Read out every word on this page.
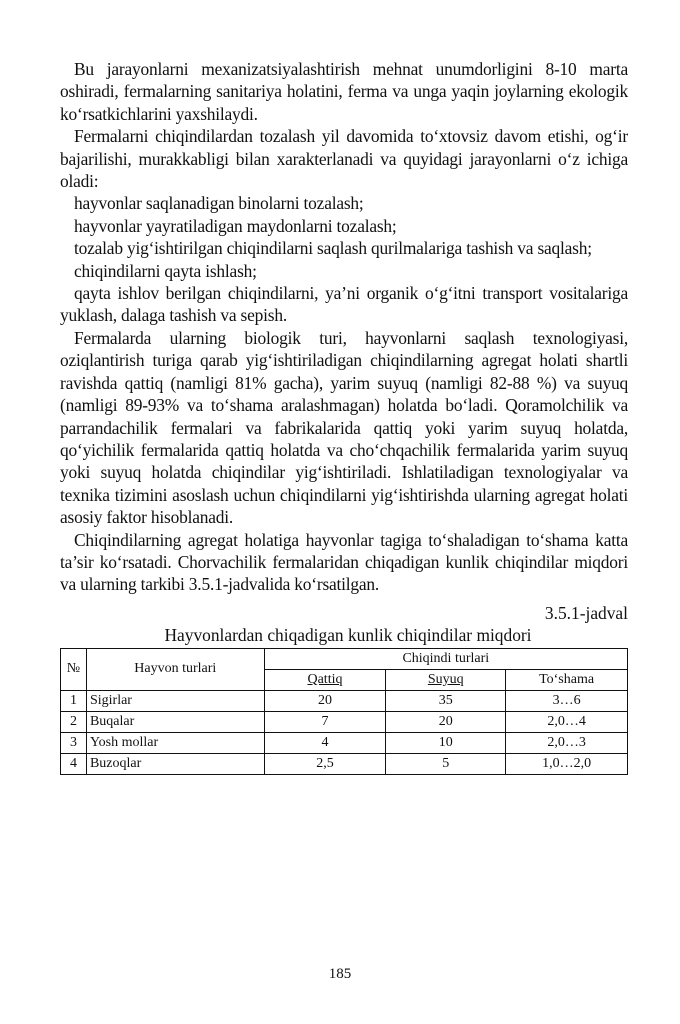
Bu jarayonlarni mexanizatsiyalashtirish mehnat unumdorligini 8-10 marta oshiradi, fermalarning sanitariya holatini, ferma va unga yaqin joylarning ekologik ko‘rsatkichlarini yaxshilaydi.

Fermalarni chiqindilardan tozalash yil davomida to‘xtovsiz davom etishi, og‘ir bajarilishi, murakkabligi bilan xarakterlanadi va quyidagi jarayonlarni o‘z ichiga oladi:

hayvonlar saqlanadigan binolarni tozalash;

hayvonlar yayratiladigan maydonlarni tozalash;

tozalab yig‘ishtirilgan chiqindilarni saqlash qurilmalariga tashish va saqlash;

chiqindilarni qayta ishlash;

qayta ishlov berilgan chiqindilarni, ya’ni organik o‘g‘itni transport vositalariga yuklash, dalaga tashish va sepish.

Fermalarda ularning biologik turi, hayvonlarni saqlash texnologiyasi, oziqlantirish turiga qarab yig‘ishtiriladigan chiqindilarning agregat holati shartli ravishda qattiq (namligi 81% gacha), yarim suyuq (namligi 82-88 %) va suyuq (namligi 89-93% va to‘shama aralashmagan) holatda bo‘ladi. Qoramolchilik va parrandachilik fermalari va fabrikalarida qattiq yoki yarim suyuq holatda, qo‘yichilik fermalarida qattiq holatda va cho‘chqachilik fermalarida yarim suyuq yoki suyuq holatda chiqindilar yig‘ishtiriladi. Ishlatiladigan texnologiyalar va texnika tizimini asoslash uchun chiqindilarni yig‘ishtirishda ularning agregat holati asosiy faktor hisoblanadi.

Chiqindilarning agregat holatiga hayvonlar tagiga to‘shaladigan to‘shama katta ta’sir ko‘rsatadi. Chorvachilik fermalaridan chiqadigan kunlik chiqindilar miqdori va ularning tarkibi 3.5.1-jadvalida ko‘rsatilgan.

3.5.1-jadval
Hayvonlardan chiqadigan kunlik chiqindilar miqdori
№	Hayvon turlari	Chiqindi turlari		
		Qattiq	Suyuq	To‘shama
1	Sigirlar	20	35	3…6
2	Buqalar	7	20	2,0…4
3	Yosh mollar	4	10	2,0…3
4	Buzoqlar	2,5	5	1,0…2,0
185
